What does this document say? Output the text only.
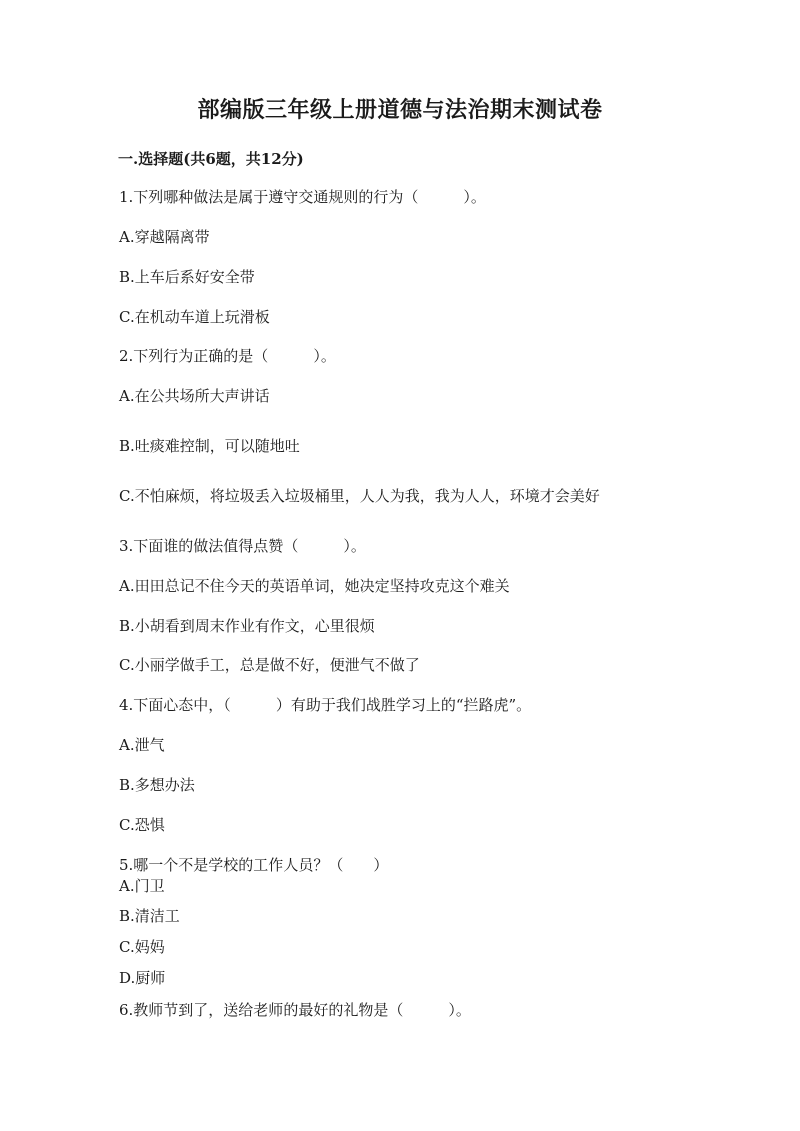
部编版三年级上册道德与法治期末测试卷
一.选择题(共6题，共12分)
1.下列哪种做法是属于遵守交通规则的行为（　　　）。
A.穿越隔离带
B.上车后系好安全带
C.在机动车道上玩滑板
2.下列行为正确的是（　　　）。
A.在公共场所大声讲话
B.吐痰难控制，可以随地吐
C.不怕麻烦，将垃圾丢入垃圾桶里，人人为我，我为人人，环境才会美好
3.下面谁的做法值得点赞（　　　）。
A.田田总记不住今天的英语单词，她决定坚持攻克这个难关
B.小胡看到周末作业有作文，心里很烦
C.小丽学做手工，总是做不好，便泄气不做了
4.下面心态中，（　　　）有助于我们战胜学习上的“拦路虎”。
A.泄气
B.多想办法
C.恐惧
5.哪一个不是学校的工作人员？（　　）
A.门卫
B.清洁工
C.妈妈
D.厨师
6.教师节到了，送给老师的最好的礼物是（　　　）。
